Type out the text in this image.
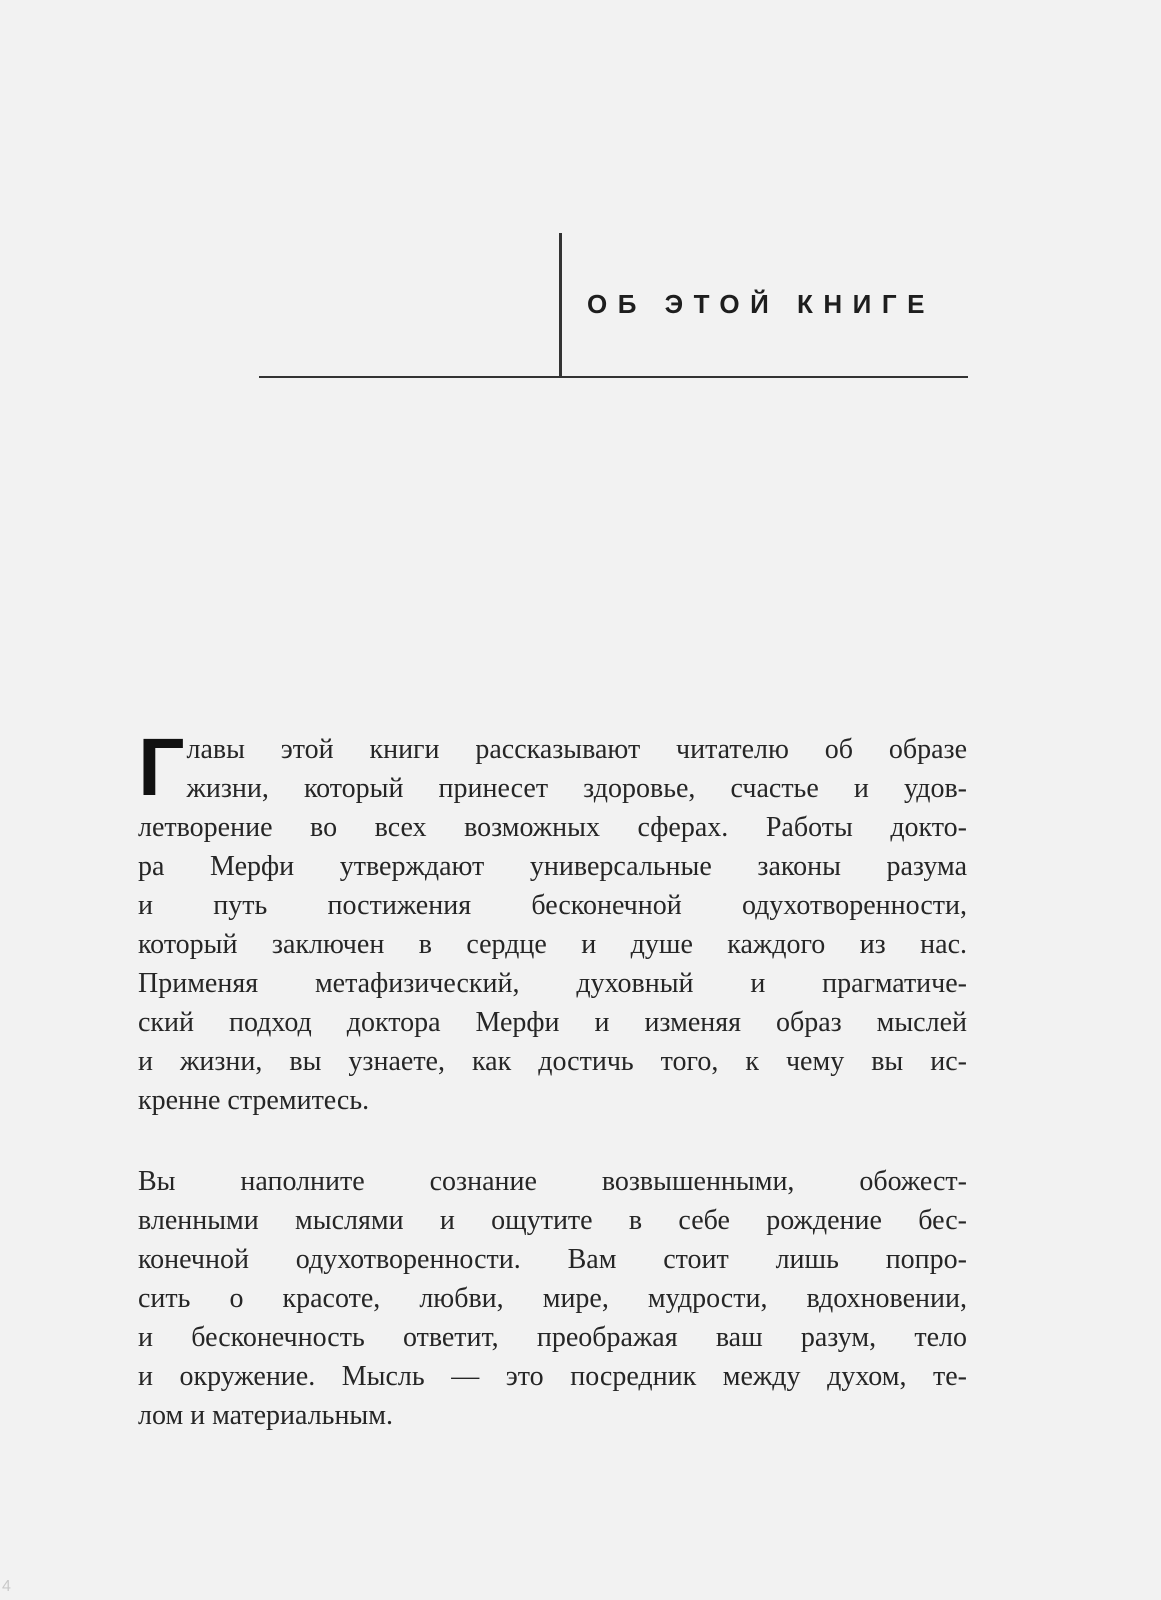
ОБ ЭТОЙ КНИГЕ
Г лавы этой книги рассказывают читателю об образе
жизни, который принесет здоровье, счастье и удов-
летворение во всех возможных сферах. Работы докто-
ра Мерфи утверждают универсальные законы разума
и путь постижения бесконечной одухотворенности,
который заключен в сердце и душе каждого из нас.
Применяя метафизический, духовный и прагматиче-
ский подход доктора Мерфи и изменяя образ мыслей
и жизни, вы узнаете, как достичь того, к чему вы ис-
кренне стремитесь.
Вы наполните сознание возвышенными, обожест-
вленными мыслями и ощутите в себе рождение бес-
конечной одухотворенности. Вам стоит лишь попро-
сить о красоте, любви, мире, мудрости, вдохновении,
и бесконечность ответит, преображая ваш разум, тело
и окружение. Мысль — это посредник между духом, те-
лом и материальным.
4
